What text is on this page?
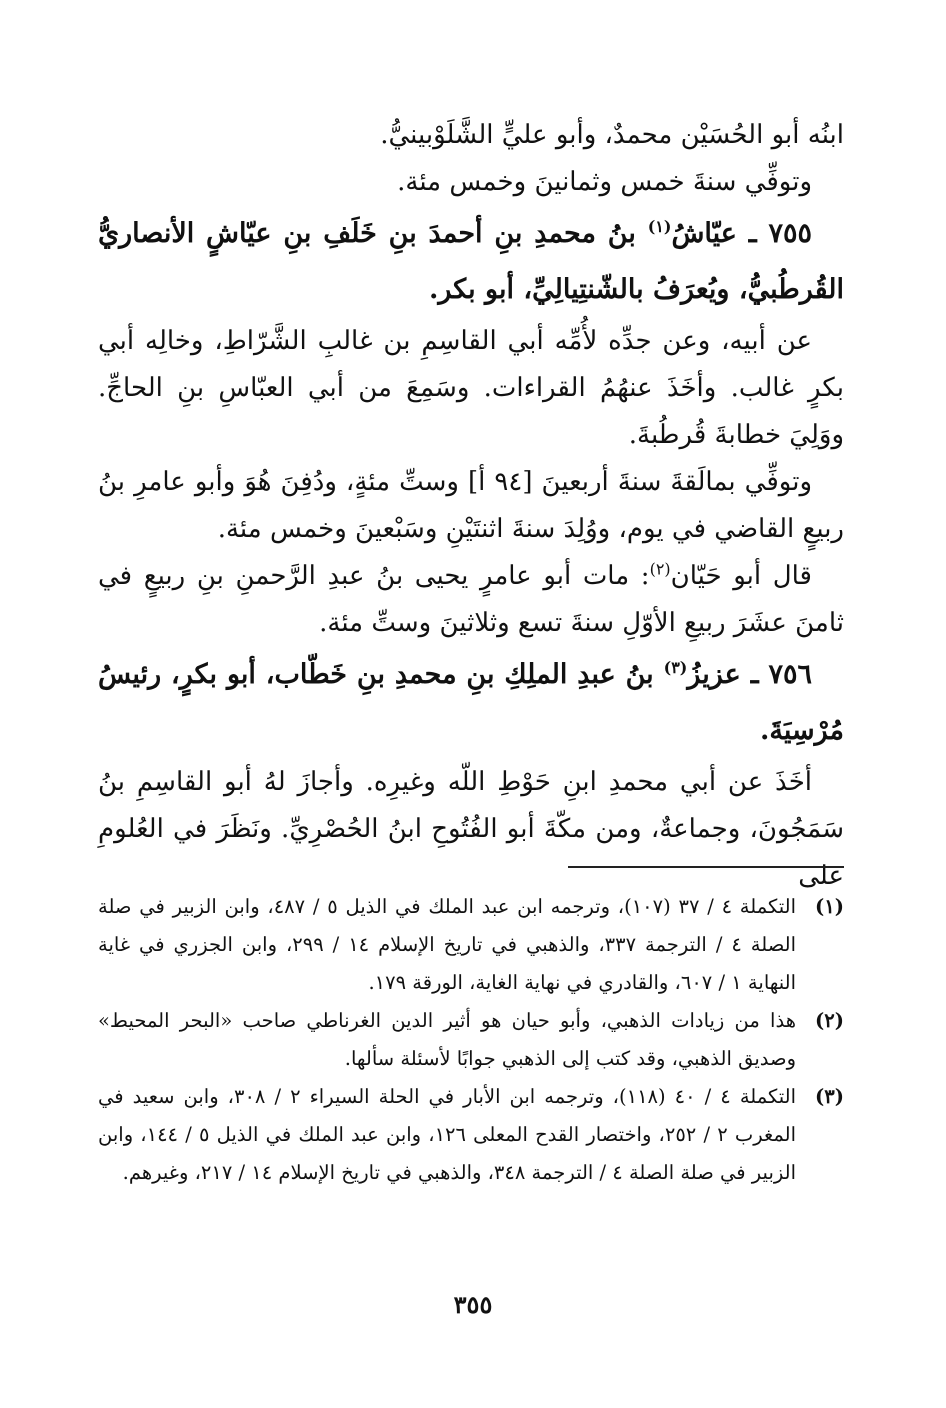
ابنُه أبو الحُسَيْن محمدٌ، وأبو عليٍّ الشَّلَوْبينيُّ.

وتوفِّي سنةَ خمس وثمانينَ وخمس مئة.

٧٥٥ ـ عيّاشُ$^{(١)}$ بنُ محمدِ بنِ أحمدَ بنِ خَلَفِ بنِ عيّاشٍ الأنصاريُّ القُرطُبيُّ، ويُعرَفُ بالشّنتِيالِيِّ، أبو بكر.

عن أبيه، وعن جدِّه لأُمِّه أبي القاسِمِ بن غالبِ الشَّرّاطِ، وخالِه أبي بكرٍ غالب. وأخَذَ عنهُمُ القراءات. وسَمِعَ من أبي العبّاسِ بنِ الحاجِّ. ووَلِيَ خطابةَ قُرطُبةَ.

وتوفِّي بمالَقةَ سنةَ أربعينَ [٩٤ أ] وستِّ مئةٍ، ودُفِنَ هُوَ وأبو عامرِ بنُ ربيعٍ القاضي في يوم، ووُلِدَ سنةَ اثنتَيْنِ وسَبْعينَ وخمس مئة.

قال أبو حَيّان$^{(٢)}$: مات أبو عامرٍ يحيى بنُ عبدِ الرَّحمنِ بنِ ربيعٍ في ثامنَ عشَرَ ربيعِ الأوّلِ سنةَ تسع وثلاثينَ وستِّ مئة.

٧٥٦ ـ عزيزُ$^{(٣)}$ بنُ عبدِ الملِكِ بنِ محمدِ بنِ خَطّاب، أبو بكرٍ، رئيسُ مُرْسِيَةَ.

أخَذَ عن أبي محمدِ ابنِ حَوْطِ اللّه وغيرِه. وأجازَ لهُ أبو القاسِمِ بنُ سَمَجُونَ، وجماعةٌ، ومن مكّةَ أبو الفُتُوحِ ابنُ الحُصْرِيِّ. ونَظَرَ في العُلومِ على

(١)
التكملة ٤ / ٣٧ (١٠٧)، وترجمه ابن عبد الملك في الذيل ٥ / ٤٨٧، وابن الزبير في صلة الصلة ٤ / الترجمة ٣٣٧، والذهبي في تاريخ الإسلام ١٤ / ٢٩٩، وابن الجزري في غاية النهاية ١ / ٦٠٧، والقادري في نهاية الغاية، الورقة ١٧٩.
(٢)
هذا من زيادات الذهبي، وأبو حيان هو أثير الدين الغرناطي صاحب «البحر المحيط» وصديق الذهبي، وقد كتب إلى الذهبي جوابًا لأسئلة سألها.
(٣)
التكملة ٤ / ٤٠ (١١٨)، وترجمه ابن الأبار في الحلة السيراء ٢ / ٣٠٨، وابن سعيد في المغرب ٢ / ٢٥٢، واختصار القدح المعلى ١٢٦، وابن عبد الملك في الذيل ٥ / ١٤٤، وابن الزبير في صلة الصلة ٤ / الترجمة ٣٤٨، والذهبي في تاريخ الإسلام ١٤ / ٢١٧، وغيرهم.
٣٥٥
